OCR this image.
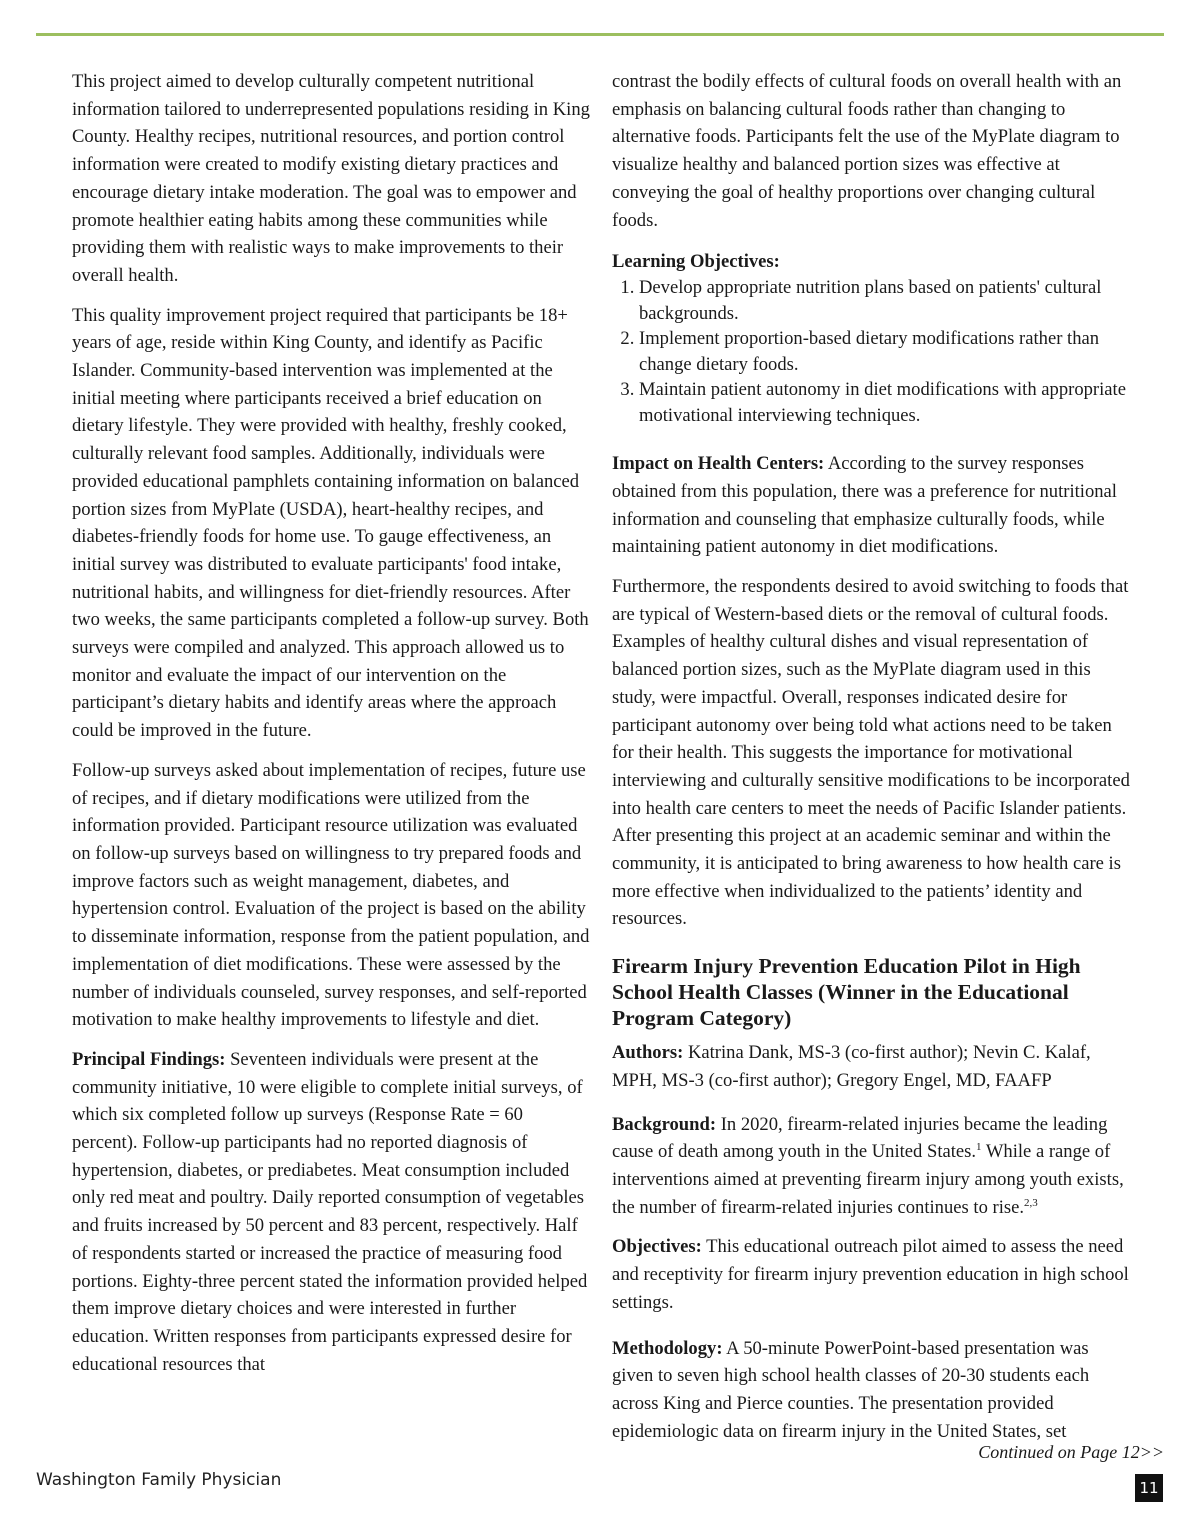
This project aimed to develop culturally competent nutritional information tailored to underrepresented populations residing in King County. Healthy recipes, nutritional resources, and portion control information were created to modify existing dietary practices and encourage dietary intake moderation. The goal was to empower and promote healthier eating habits among these communities while providing them with realistic ways to make improvements to their overall health.

This quality improvement project required that participants be 18+ years of age, reside within King County, and identify as Pacific Islander. Community-based intervention was implemented at the initial meeting where participants received a brief education on dietary lifestyle. They were provided with healthy, freshly cooked, culturally relevant food samples. Additionally, individuals were provided educational pamphlets containing information on balanced portion sizes from MyPlate (USDA), heart-healthy recipes, and diabetes-friendly foods for home use. To gauge effectiveness, an initial survey was distributed to evaluate participants' food intake, nutritional habits, and willingness for diet-friendly resources. After two weeks, the same participants completed a follow-up survey. Both surveys were compiled and analyzed. This approach allowed us to monitor and evaluate the impact of our intervention on the participant’s dietary habits and identify areas where the approach could be improved in the future.

Follow-up surveys asked about implementation of recipes, future use of recipes, and if dietary modifications were utilized from the information provided. Participant resource utilization was evaluated on follow-up surveys based on willingness to try prepared foods and improve factors such as weight management, diabetes, and hypertension control. Evaluation of the project is based on the ability to disseminate information, response from the patient population, and implementation of diet modifications. These were assessed by the number of individuals counseled, survey responses, and self-reported motivation to make healthy improvements to lifestyle and diet.

Principal Findings: Seventeen individuals were present at the community initiative, 10 were eligible to complete initial surveys, of which six completed follow up surveys (Response Rate = 60 percent). Follow-up participants had no reported diagnosis of hypertension, diabetes, or prediabetes. Meat consumption included only red meat and poultry. Daily reported consumption of vegetables and fruits increased by 50 percent and 83 percent, respectively. Half of respondents started or increased the practice of measuring food portions. Eighty-three percent stated the information provided helped them improve dietary choices and were interested in further education. Written responses from participants expressed desire for educational resources that

contrast the bodily effects of cultural foods on overall health with an emphasis on balancing cultural foods rather than changing to alternative foods. Participants felt the use of the MyPlate diagram to visualize healthy and balanced portion sizes was effective at conveying the goal of healthy proportions over changing cultural foods.

Learning Objectives:
1. Develop appropriate nutrition plans based on patients' cultural backgrounds.
2. Implement proportion-based dietary modifications rather than change dietary foods.
3. Maintain patient autonomy in diet modifications with appropriate motivational interviewing techniques.

Impact on Health Centers: According to the survey responses obtained from this population, there was a preference for nutritional information and counseling that emphasize culturally foods, while maintaining patient autonomy in diet modifications.

Furthermore, the respondents desired to avoid switching to foods that are typical of Western-based diets or the removal of cultural foods. Examples of healthy cultural dishes and visual representation of balanced portion sizes, such as the MyPlate diagram used in this study, were impactful. Overall, responses indicated desire for participant autonomy over being told what actions need to be taken for their health. This suggests the importance for motivational interviewing and culturally sensitive modifications to be incorporated into health care centers to meet the needs of Pacific Islander patients. After presenting this project at an academic seminar and within the community, it is anticipated to bring awareness to how health care is more effective when individualized to the patients’ identity and resources.

Firearm Injury Prevention Education Pilot in High School Health Classes (Winner in the Educational Program Category)

Authors: Katrina Dank, MS-3 (co-first author); Nevin C. Kalaf, MPH, MS-3 (co-first author); Gregory Engel, MD, FAAFP

Background: In 2020, firearm-related injuries became the leading cause of death among youth in the United States.$^1$ While a range of interventions aimed at preventing firearm injury among youth exists, the number of firearm-related injuries continues to rise.$^{2,3}$

Objectives: This educational outreach pilot aimed to assess the need and receptivity for firearm injury prevention education in high school settings.

Methodology: A 50-minute PowerPoint-based presentation was given to seven high school health classes of 20-30 students each across King and Pierce counties. The presentation provided epidemiologic data on firearm injury in the United States, set

Continued on Page 12>>
Washington Family Physician	11
